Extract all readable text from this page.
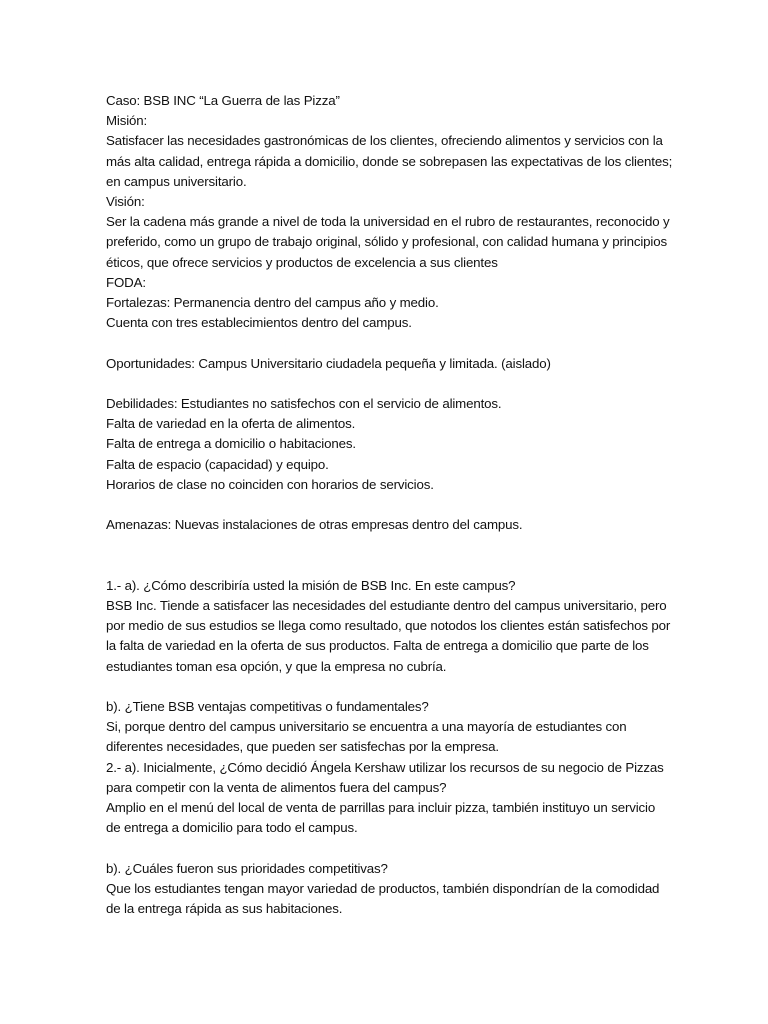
Caso: BSB INC “La Guerra de las Pizza”
Misión:
Satisfacer las necesidades gastronómicas de los clientes, ofreciendo alimentos y servicios con la
más alta calidad, entrega rápida a domicilio, donde se sobrepasen las expectativas de los clientes;
en campus universitario.
Visión:
Ser la cadena más grande a nivel de toda la universidad en el rubro de restaurantes, reconocido y
preferido, como un grupo de trabajo original, sólido y profesional, con calidad humana y principios
éticos, que ofrece servicios y productos de excelencia a sus clientes
FODA:
Fortalezas: Permanencia dentro del campus año y medio.
Cuenta con tres establecimientos dentro del campus.
Oportunidades: Campus Universitario ciudadela pequeña y limitada. (aislado)
Debilidades: Estudiantes no satisfechos con el servicio de alimentos.
Falta de variedad en la oferta de alimentos.
Falta de entrega a domicilio o habitaciones.
Falta de espacio (capacidad) y equipo.
Horarios de clase no coinciden con horarios de servicios.
Amenazas: Nuevas instalaciones de otras empresas dentro del campus.
1.- a). ¿Cómo describiría usted la misión de BSB Inc. En este campus?
BSB Inc. Tiende a satisfacer las necesidades del estudiante dentro del campus universitario, pero
por medio de sus estudios se llega como resultado, que notodos los clientes están satisfechos por
la falta de variedad en la oferta de sus productos. Falta de entrega a domicilio que parte de los
estudiantes toman esa opción, y que la empresa no cubría.
b). ¿Tiene BSB ventajas competitivas o fundamentales?
Si, porque dentro del campus universitario se encuentra a una mayoría de estudiantes con
diferentes necesidades, que pueden ser satisfechas por la empresa.
2.- a). Inicialmente, ¿Cómo decidió Ángela Kershaw utilizar los recursos de su negocio de Pizzas
para competir con la venta de alimentos fuera del campus?
Amplio en el menú del local de venta de parrillas para incluir pizza, también instituyo un servicio
de entrega a domicilio para todo el campus.
b). ¿Cuáles fueron sus prioridades competitivas?
Que los estudiantes tengan mayor variedad de productos, también dispondrían de la comodidad
de la entrega rápida as sus habitaciones.
